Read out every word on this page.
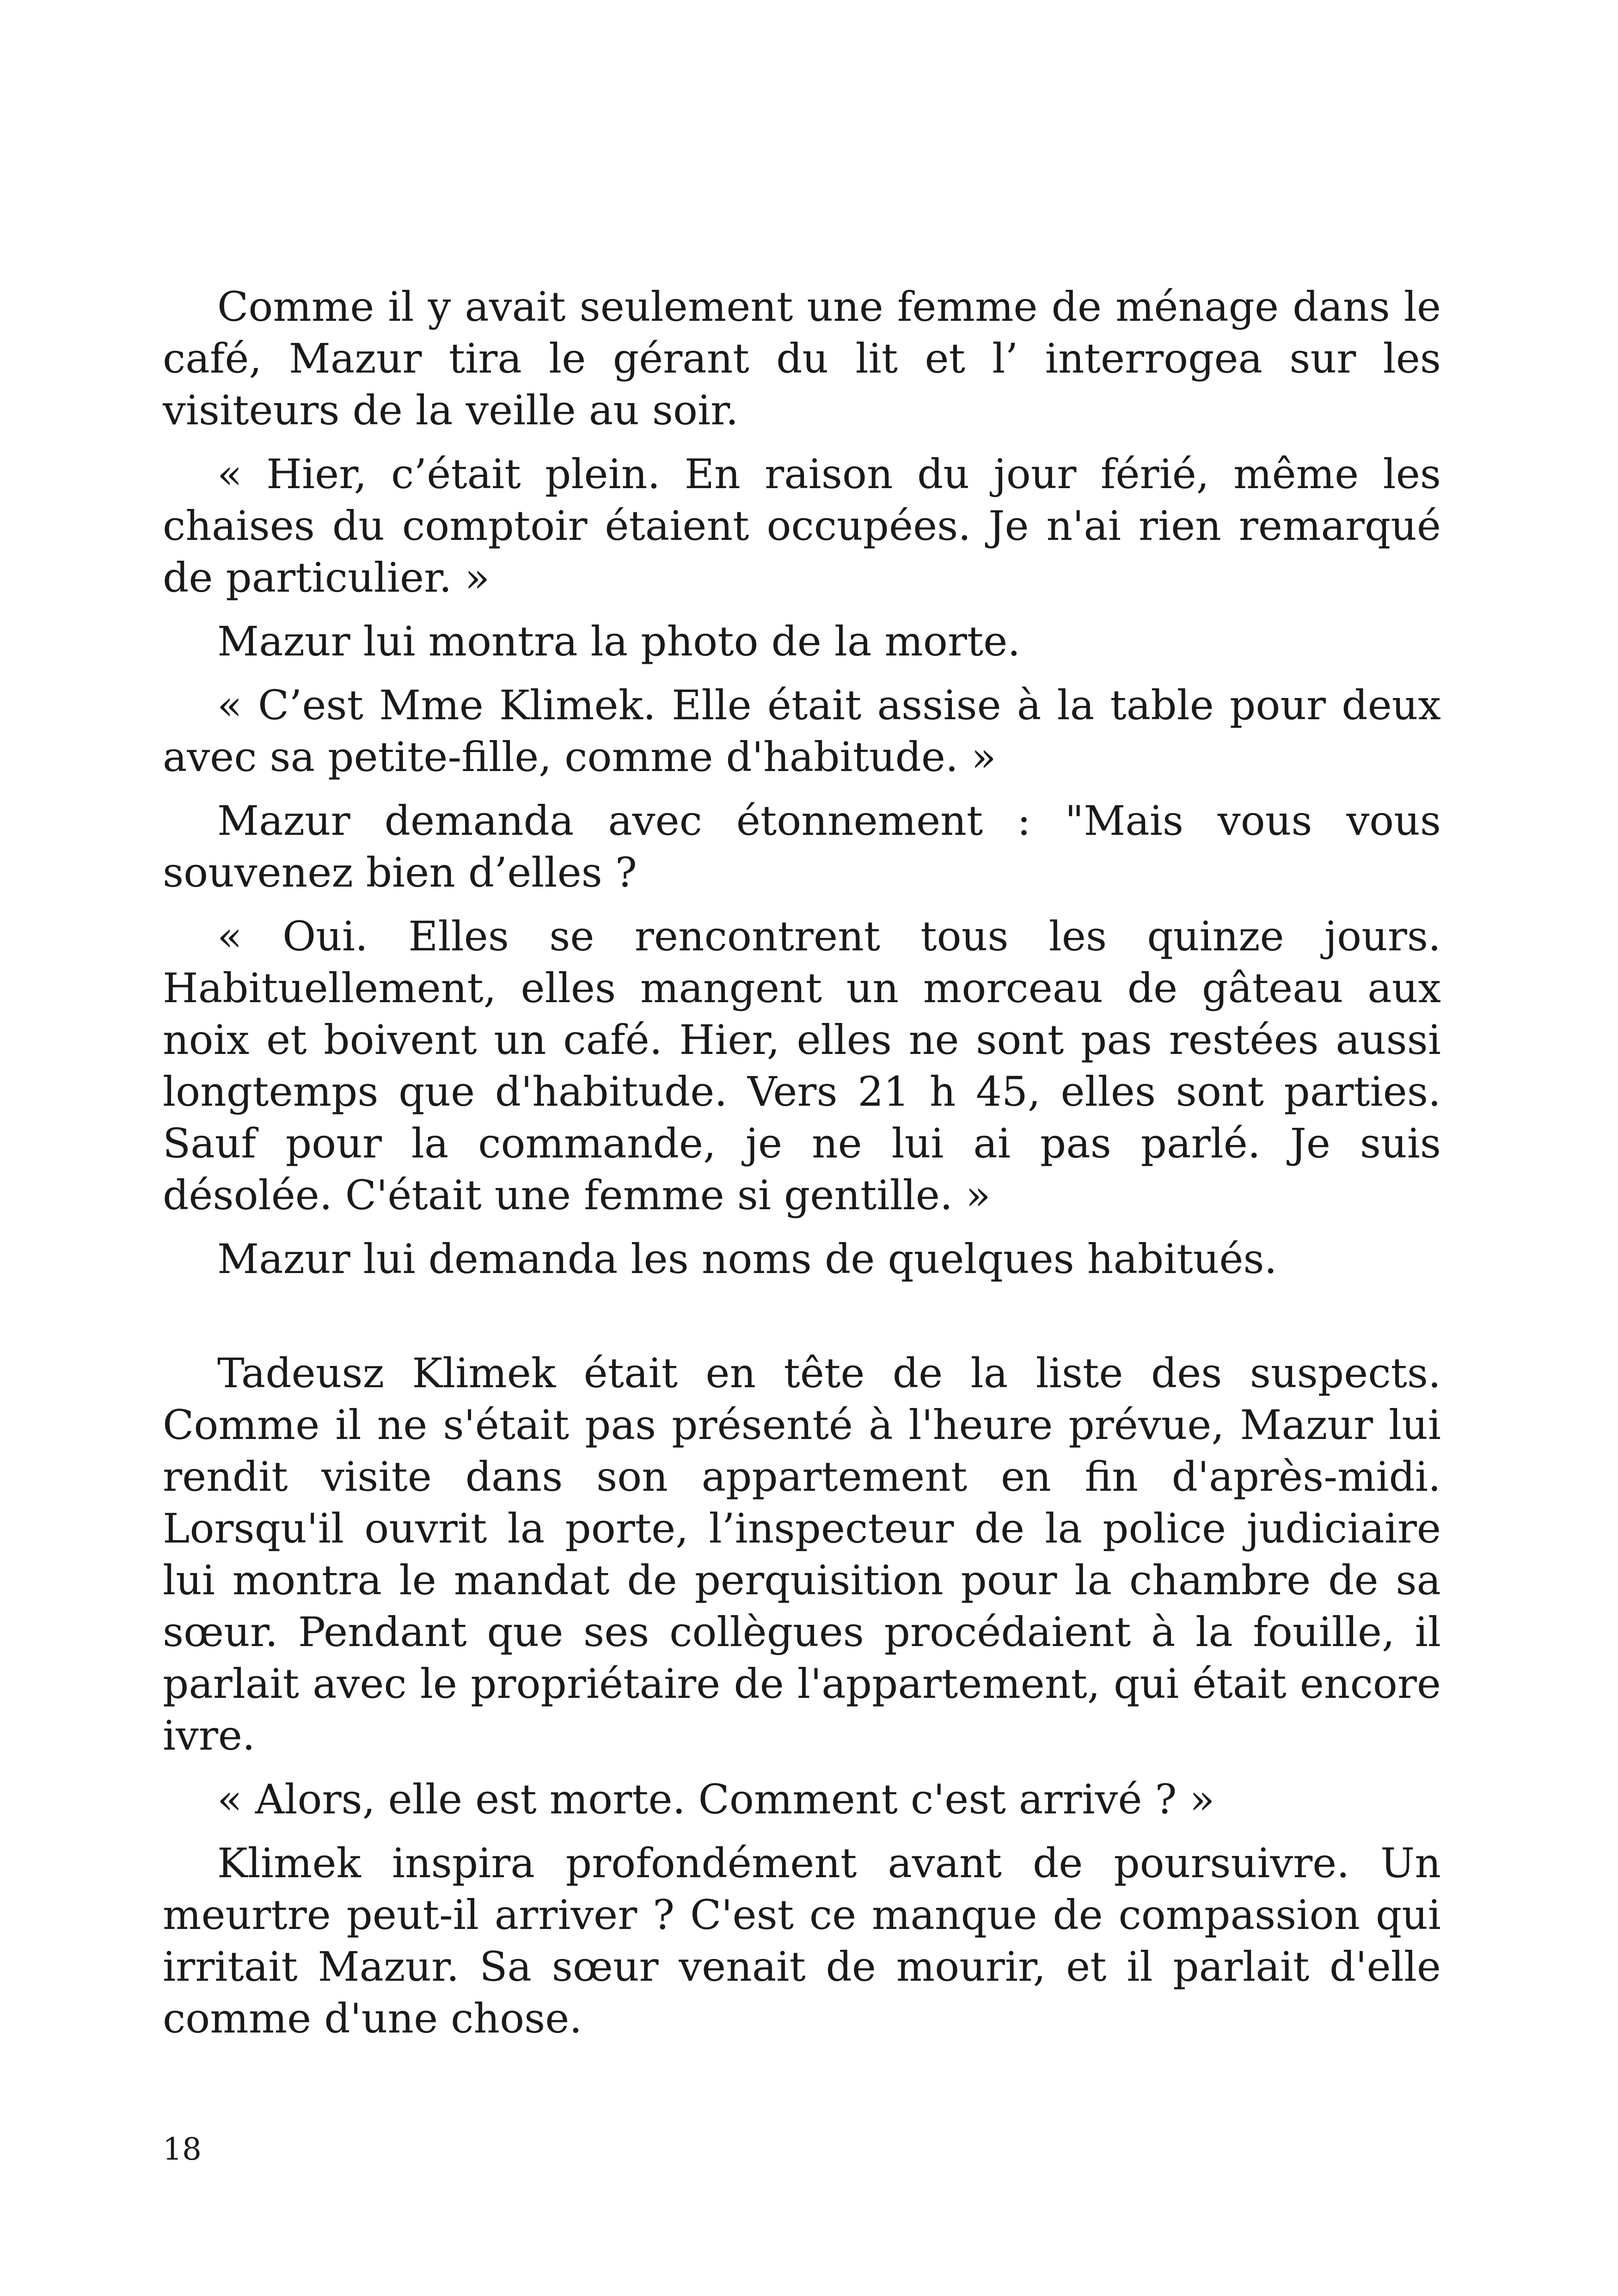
Comme il y avait seulement une femme de ménage dans le café, Mazur tira le gérant du lit et l’ interrogea sur les visiteurs de la veille au soir.

« Hier, c’était plein. En raison du jour férié, même les chaises du comptoir étaient occupées. Je n'ai rien remarqué de particulier. »

Mazur lui montra la photo de la morte.

« C’est Mme Klimek. Elle était assise à la table pour deux avec sa petite-fille, comme d'habitude. »

Mazur demanda avec étonnement : "Mais vous vous souvenez bien d’elles ?

« Oui. Elles se rencontrent tous les quinze jours. Habituellement, elles mangent un morceau de gâteau aux noix et boivent un café. Hier, elles ne sont pas restées aussi longtemps que d'habitude. Vers 21 h 45, elles sont parties. Sauf pour la commande, je ne lui ai pas parlé. Je suis désolée. C'était une femme si gentille. »

Mazur lui demanda les noms de quelques habitués.

Tadeusz Klimek était en tête de la liste des suspects. Comme il ne s'était pas présenté à l'heure prévue, Mazur lui rendit visite dans son appartement en fin d'après-midi. Lorsqu'il ouvrit la porte, l’inspecteur de la police judiciaire lui montra le mandat de perquisition pour la chambre de sa sœur. Pendant que ses collègues procédaient à la fouille, il parlait avec le propriétaire de l'appartement, qui était encore ivre.

« Alors, elle est morte. Comment c'est arrivé ? »

Klimek inspira profondément avant de poursuivre. Un meurtre peut-il arriver ? C'est ce manque de compassion qui irritait Mazur. Sa sœur venait de mourir, et il parlait d'elle comme d'une chose.

18
